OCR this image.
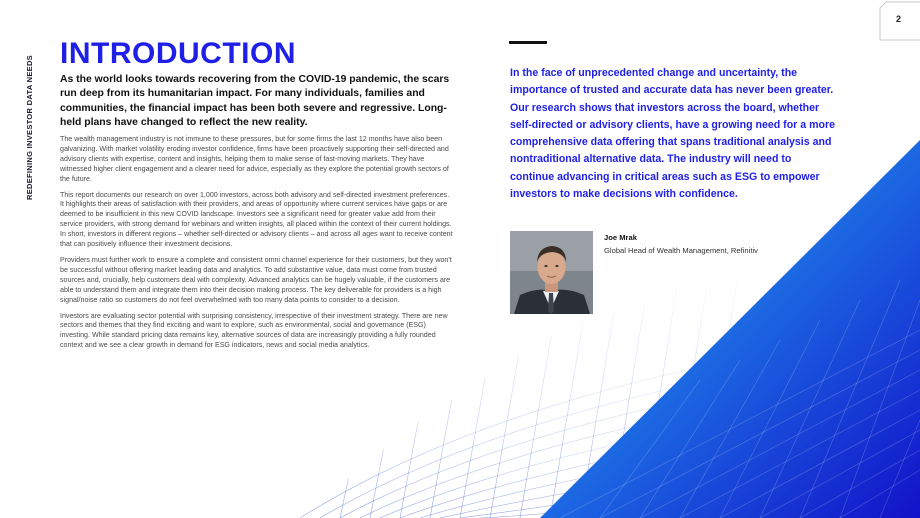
REDEFINING INVESTOR DATA NEEDS
2
INTRODUCTION

As the world looks towards recovering from the COVID-19 pandemic, the scars run deep from its humanitarian impact. For many individuals, families and communities, the financial impact has been both severe and regressive. Long-held plans have changed to reflect the new reality.

The wealth management industry is not immune to these pressures, but for some firms the last 12 months have also been galvanizing. With market volatility eroding investor confidence, firms have been proactively supporting their self-directed and advisory clients with expertise, content and insights, helping them to make sense of fast-moving markets. They have witnessed higher client engagement and a clearer need for advice, especially as they explore the potential growth sectors of the future.

This report documents our research on over 1,000 investors, across both advisory and self-directed investment preferences. It highlights their areas of satisfaction with their providers, and areas of opportunity where current services have gaps or are deemed to be insufficient in this new COVID landscape. Investors see a significant need for greater value add from their service providers, with strong demand for webinars and written insights, all placed within the context of their current holdings. In short, investors in different regions – whether self-directed or advisory clients – and across all ages want to receive content that can positively influence their investment decisions.

Providers must further work to ensure a complete and consistent omni channel experience for their customers, but they won't be successful without offering market leading data and analytics. To add substantive value, data must come from trusted sources and, crucially, help customers deal with complexity. Advanced analytics can be hugely valuable, if the customers are able to understand them and integrate them into their decision making process. The key deliverable for providers is a high signal/noise ratio so customers do not feel overwhelmed with too many data points to consider to a decision.

Investors are evaluating sector potential with surprising consistency, irrespective of their investment strategy. There are new sectors and themes that they find exciting and want to explore, such as environmental, social and governance (ESG) investing. While standard pricing data remains key, alternative sources of data are increasingly providing a fully rounded context and we see a clear growth in demand for ESG indicators, news and social media analytics.

In the face of unprecedented change and uncertainty, the importance of trusted and accurate data has never been greater. Our research shows that investors across the board, whether self-directed or advisory clients, have a growing need for a more comprehensive data offering that spans traditional analysis and nontraditional alternative data. The industry will need to continue advancing in critical areas such as ESG to empower investors to make decisions with confidence.

Joe Mrak
Global Head of Wealth Management, Refinitiv
